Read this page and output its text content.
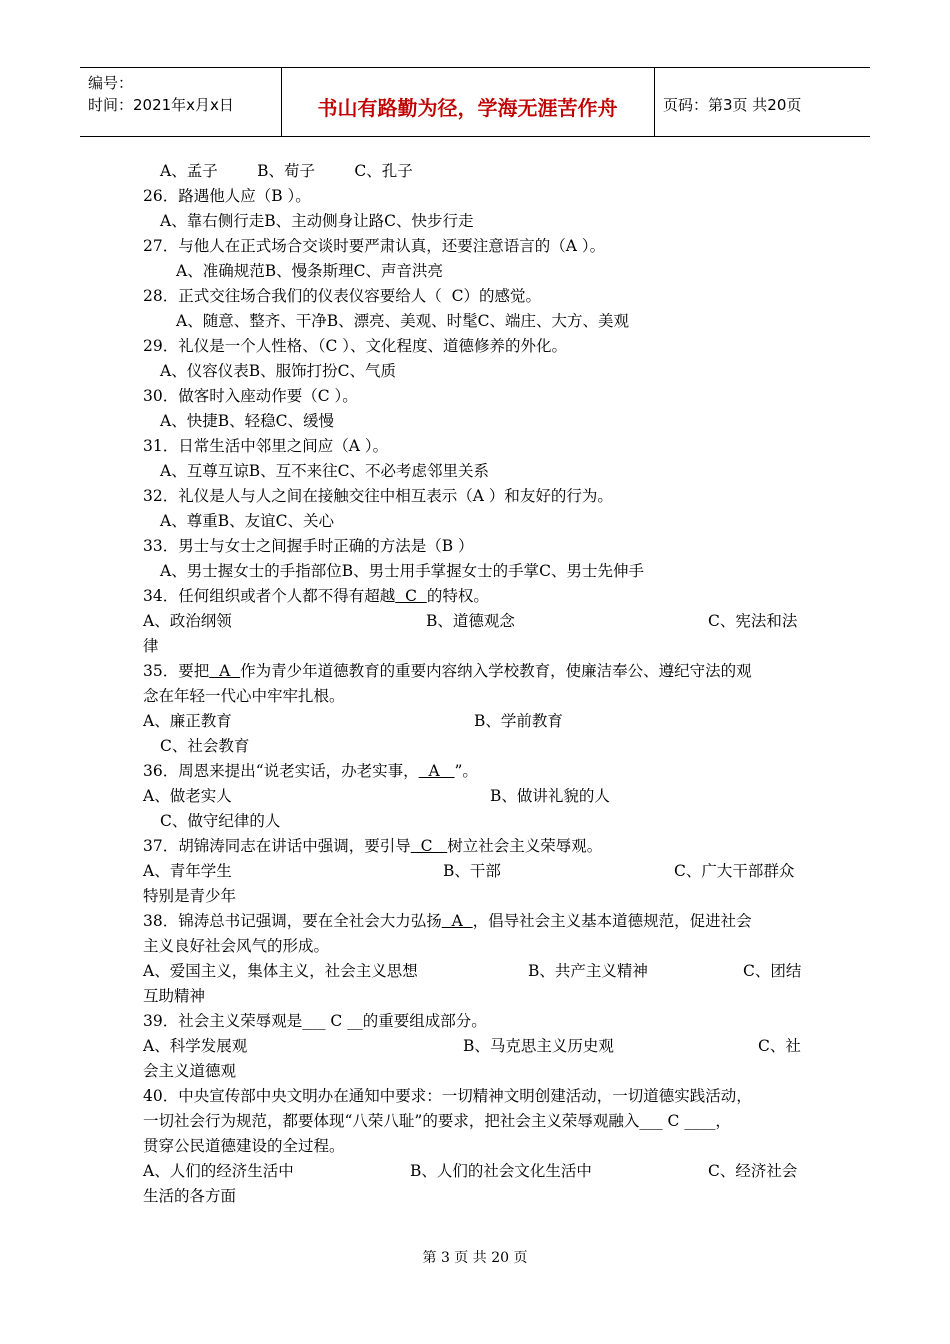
编号：
时间：2021年x月x日	书山有路勤为径，学海无涯苦作舟	页码：第3页 共20页
A、孟子        B、荀子        C、孔子
26．路遇他人应（B ）。
A、靠右侧行走B、主动侧身让路C、快步行走
27．与他人在正式场合交谈时要严肃认真，还要注意语言的（A ）。
A、准确规范B、慢条斯理C、声音洪亮
28．正式交往场合我们的仪表仪容要给人（  C）的感觉。
A、随意、整齐、干净B、漂亮、美观、时髦C、端庄、大方、美观
29．礼仪是一个人性格、（C ）、文化程度、道德修养的外化。
A、仪容仪表B、服饰打扮C、气质
30．做客时入座动作要（C ）。
A、快捷B、轻稳C、缓慢
31．日常生活中邻里之间应（A ）。
A、互尊互谅B、互不来往C、不必考虑邻里关系
32．礼仪是人与人之间在接触交往中相互表示（A ）和友好的行为。
A、尊重B、友谊C、关心
33．男士与女士之间握手时正确的方法是（B ）
A、男士握女士的手指部位B、男士用手掌握女士的手掌C、男士先伸手
34．任何组织或者个人都不得有超越  C  的特权。
A、政治纲领	B、道德观念	C、宪法和法
律
35．要把  A  作为青少年道德教育的重要内容纳入学校教育，使廉洁奉公、遵纪守法的观
念在年轻一代心中牢牢扎根。
A、廉正教育	B、学前教育
C、社会教育
36．周恩来提出“说老实话，办老实事，  A   ”。
A、做老实人	B、做讲礼貌的人
C、做守纪律的人
37．胡锦涛同志在讲话中强调，要引导  C   树立社会主义荣辱观。
A、青年学生	B、干部	C、广大干部群众
特别是青少年
38．锦涛总书记强调，要在全社会大力弘扬  A  ，倡导社会主义基本道德规范，促进社会
主义良好社会风气的形成。
A、爱国主义，集体主义，社会主义思想	B、共产主义精神	C、团结
互助精神
39．社会主义荣辱观是___ C __的重要组成部分。
A、科学发展观	B、马克思主义历史观	C、社
会主义道德观
40．中央宣传部中央文明办在通知中要求：一切精神文明创建活动，一切道德实践活动，
一切社会行为规范，都要体现“八荣八耻”的要求，把社会主义荣辱观融入___ C ____，
贯穿公民道德建设的全过程。
A、人们的经济生活中	B、人们的社会文化生活中	C、经济社会
生活的各方面
第 3 页 共 20 页
